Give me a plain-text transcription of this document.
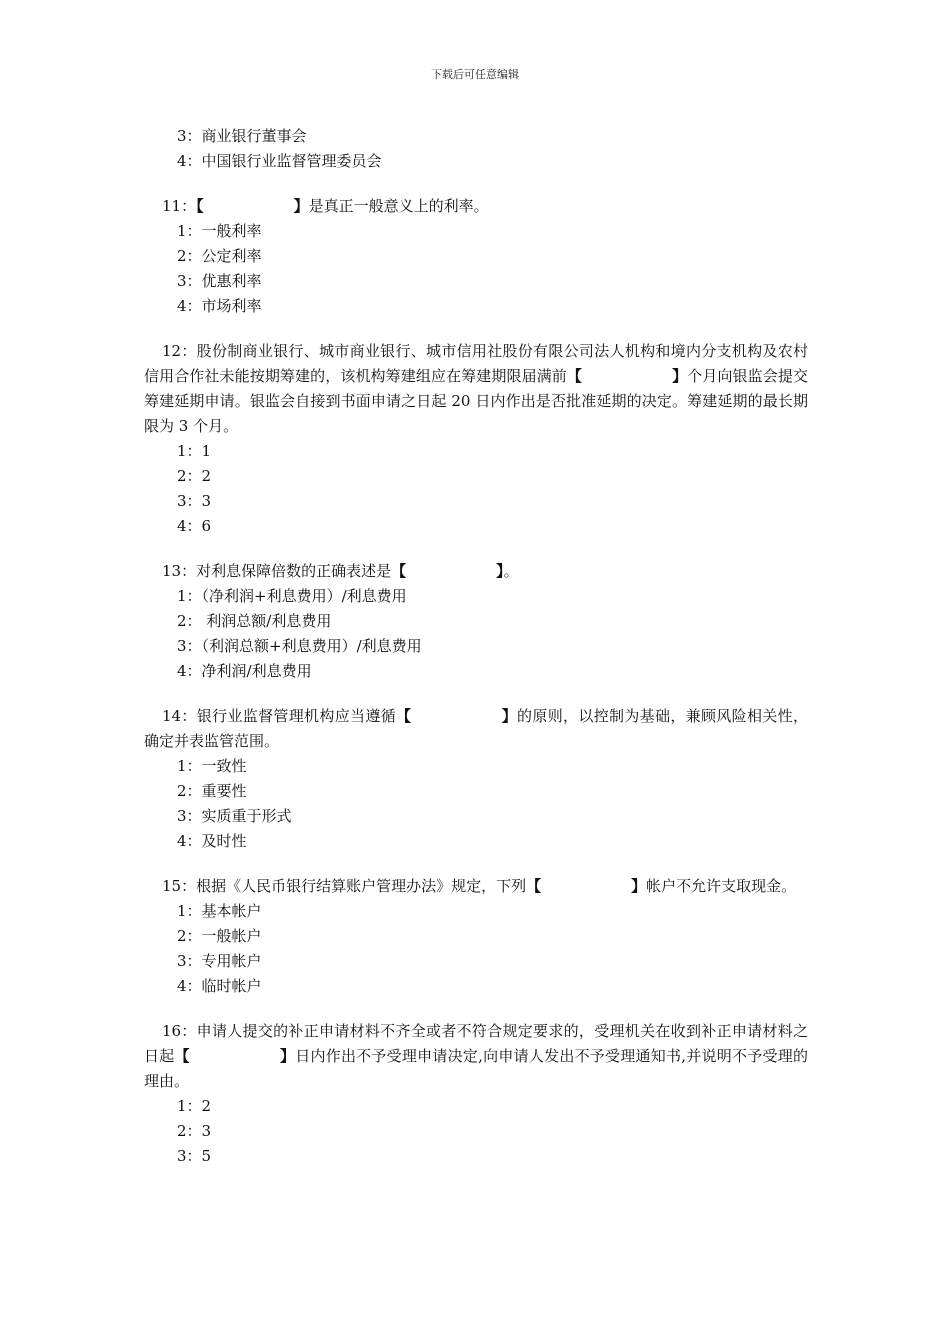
下载后可任意编辑
3：商业银行董事会
4：中国银行业监督管理委员会
11：【	】是真正一般意义上的利率。
1：一般利率
2：公定利率
3：优惠利率
4：市场利率
12：股份制商业银行、城市商业银行、城市信用社股份有限公司法人机构和境内分支机构及农村信用合作社未能按期筹建的，该机构筹建组应在筹建期限届满前【	】个月向银监会提交筹建延期申请。银监会自接到书面申请之日起 20 日内作出是否批准延期的决定。筹建延期的最长期限为 3 个月。
1：1
2：2
3：3
4：6
13：对利息保障倍数的正确表述是【	】。
1：（净利润+利息费用）/利息费用
2： 利润总额/利息费用
3：（利润总额+利息费用）/利息费用
4：净利润/利息费用
14：银行业监督管理机构应当遵循【	】的原则，以控制为基础，兼顾风险相关性，确定并表监管范围。
1：一致性
2：重要性
3：实质重于形式
4：及时性
15：根据《人民币银行结算账户管理办法》规定，下列【	】帐户不允许支取现金。
1：基本帐户
2：一般帐户
3：专用帐户
4：临时帐户
16：申请人提交的补正申请材料不齐全或者不符合规定要求的，受理机关在收到补正申请材料之日起【	】日内作出不予受理申请决定,向申请人发出不予受理通知书,并说明不予受理的理由。
1：2
2：3
3：5
